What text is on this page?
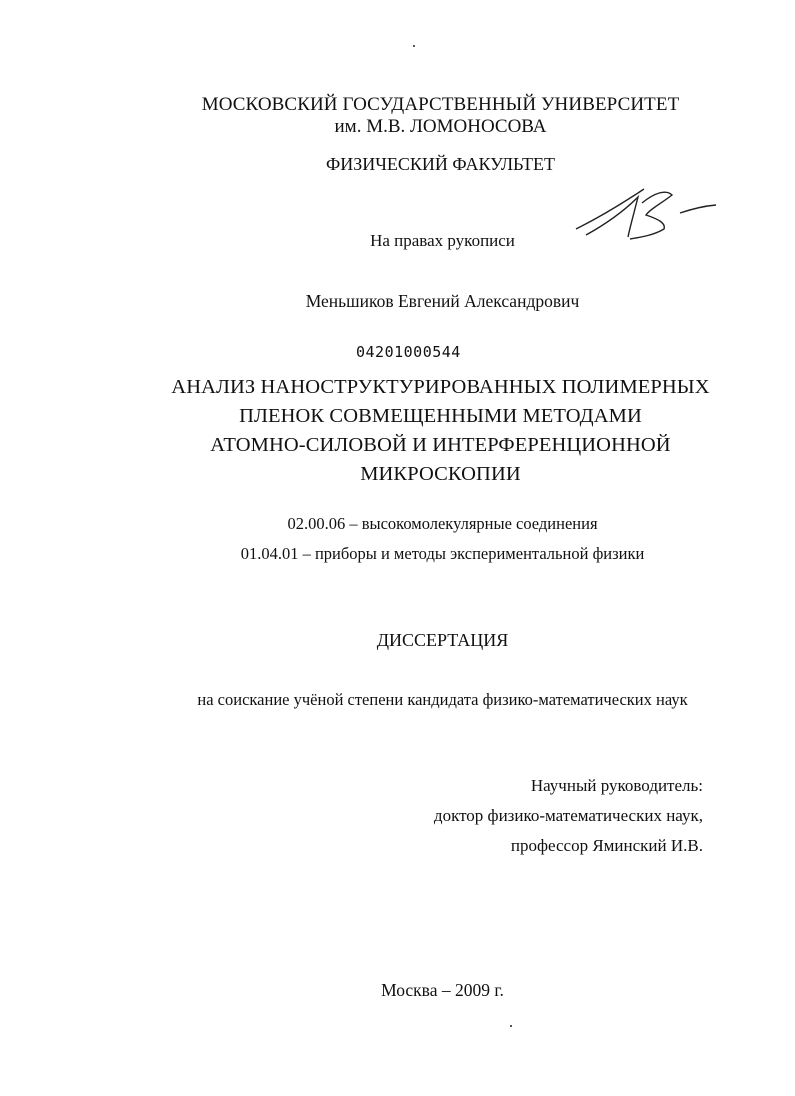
МОСКОВСКИЙ ГОСУДАРСТВЕННЫЙ УНИВЕРСИТЕТ
им. М.В. ЛОМОНОСОВА
ФИЗИЧЕСКИЙ ФАКУЛЬТЕТ
На правах рукописи
Меньшиков Евгений Александрович
04201000544
АНАЛИЗ НАНОСТРУКТУРИРОВАННЫХ ПОЛИМЕРНЫХ
ПЛЕНОК СОВМЕЩЕННЫМИ МЕТОДАМИ
АТОМНО-СИЛОВОЙ И ИНТЕРФЕРЕНЦИОННОЙ
МИКРОСКОПИИ
02.00.06 – высокомолекулярные соединения
01.04.01 – приборы и методы экспериментальной физики
ДИССЕРТАЦИЯ
на соискание учёной степени кандидата физико-математических наук
Научный руководитель:
доктор физико-математических наук,
профессор Яминский И.В.
Москва – 2009 г.
